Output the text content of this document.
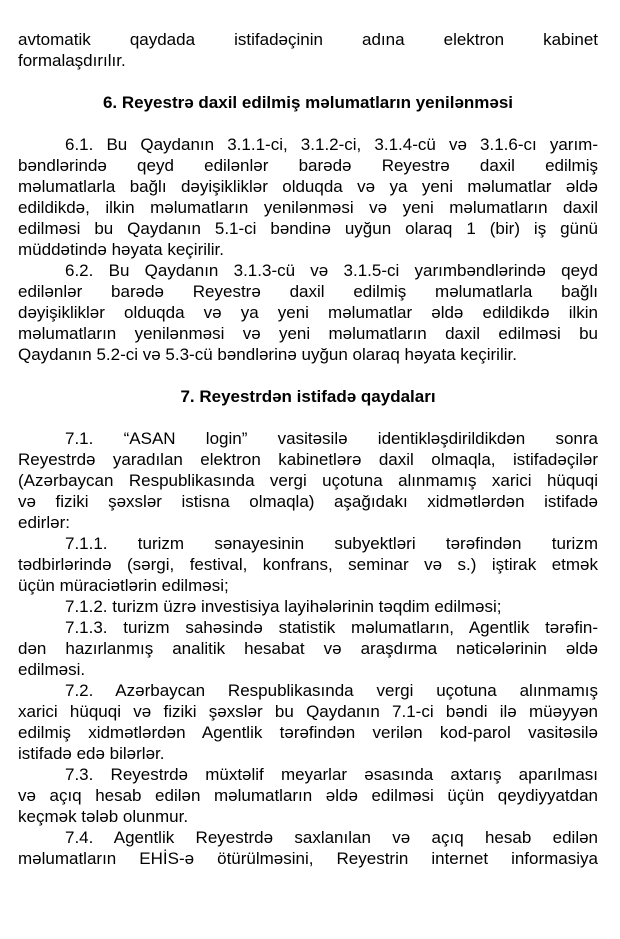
avtomatik qaydada istifadəçinin adına elektron kabinet
formalaşdırılır.
6. Reyestrə daxil edilmiş məlumatların yenilənməsi
6.1. Bu Qaydanın 3.1.1-ci, 3.1.2-ci, 3.1.4-cü və 3.1.6-cı yarım-
bəndlərində qeyd edilənlər barədə Reyestrə daxil edilmiş
məlumatlarla bağlı dəyişikliklər olduqda və ya yeni məlumatlar əldə
edildikdə, ilkin məlumatların yenilənməsi və yeni məlumatların daxil
edilməsi bu Qaydanın 5.1-ci bəndinə uyğun olaraq 1 (bir) iş günü
müddətində həyata keçirilir.
6.2. Bu Qaydanın 3.1.3-cü və 3.1.5-ci yarımbəndlərində qeyd
edilənlər barədə Reyestrə daxil edilmiş məlumatlarla bağlı
dəyişikliklər olduqda və ya yeni məlumatlar əldə edildikdə ilkin
məlumatların yenilənməsi və yeni məlumatların daxil edilməsi bu
Qaydanın 5.2-ci və 5.3-cü bəndlərinə uyğun olaraq həyata keçirilir.
7. Reyestrdən istifadə qaydaları
7.1. “ASAN login” vasitəsilə identikləşdirildikdən sonra
Reyestrdə yaradılan elektron kabinetlərə daxil olmaqla, istifadəçilər
(Azərbaycan Respublikasında vergi uçotuna alınmamış xarici hüquqi
və fiziki şəxslər istisna olmaqla) aşağıdakı xidmətlərdən istifadə
edirlər:
7.1.1. turizm sənayesinin subyektləri tərəfindən turizm
tədbirlərində (sərgi, festival, konfrans, seminar və s.) iştirak etmək
üçün müraciətlərin edilməsi;
7.1.2. turizm üzrə investisiya layihələrinin təqdim edilməsi;
7.1.3. turizm sahəsində statistik məlumatların, Agentlik tərəfin-
dən hazırlanmış analitik hesabat və araşdırma nəticələrinin əldə
edilməsi.
7.2. Azərbaycan Respublikasında vergi uçotuna alınmamış
xarici hüquqi və fiziki şəxslər bu Qaydanın 7.1-ci bəndi ilə müəyyən
edilmiş xidmətlərdən Agentlik tərəfindən verilən kod-parol vasitəsilə
istifadə edə bilərlər.
7.3. Reyestrdə müxtəlif meyarlar əsasında axtarış aparılması
və açıq hesab edilən məlumatların əldə edilməsi üçün qeydiyyatdan
keçmək tələb olunmur.
7.4. Agentlik Reyestrdə saxlanılan və açıq hesab edilən
məlumatların EHİS-ə ötürülməsini, Reyestrin internet informasiya
